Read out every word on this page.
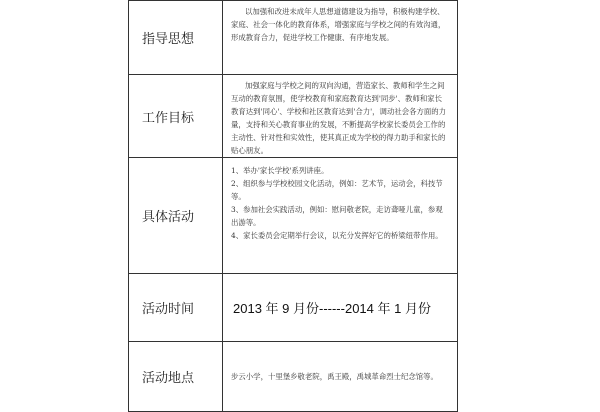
指导思想	以加强和改进未成年人思想道德建设为指导，积极构建学校、家庭、社会一体化的教育体系，增强家庭与学校之间的有效沟通，形成教育合力，促进学校工作健康、有序地发展。

工作目标	加强家庭与学校之间的双向沟通，营造家长、教师和学生之间互动的教育氛围，使学校教育和家庭教育达到'同步'、教师和家长教育达到'同心'、学校和社区教育达到'合力'，调动社会各方面的力量，支持和关心教育事业的发展，不断提高学校家长委员会工作的主动性、针对性和实效性，使其真正成为学校的得力助手和家长的贴心朋友。

具体活动	1、举办'家长学校'系列讲座。

2、组织参与学校校园文化活动，例如：艺术节，运动会，科技节等。

3、参加社会实践活动，例如：慰问敬老院，走访聋哑儿童，参观出游等。

4、家长委员会定期举行会议，以充分发挥好它的桥梁纽带作用。

活动时间	2013 年 9 月份------2014 年 1 月份
活动地点	步云小学，十里堡乡敬老院，禹王殿，禹城革命烈士纪念馆等。
